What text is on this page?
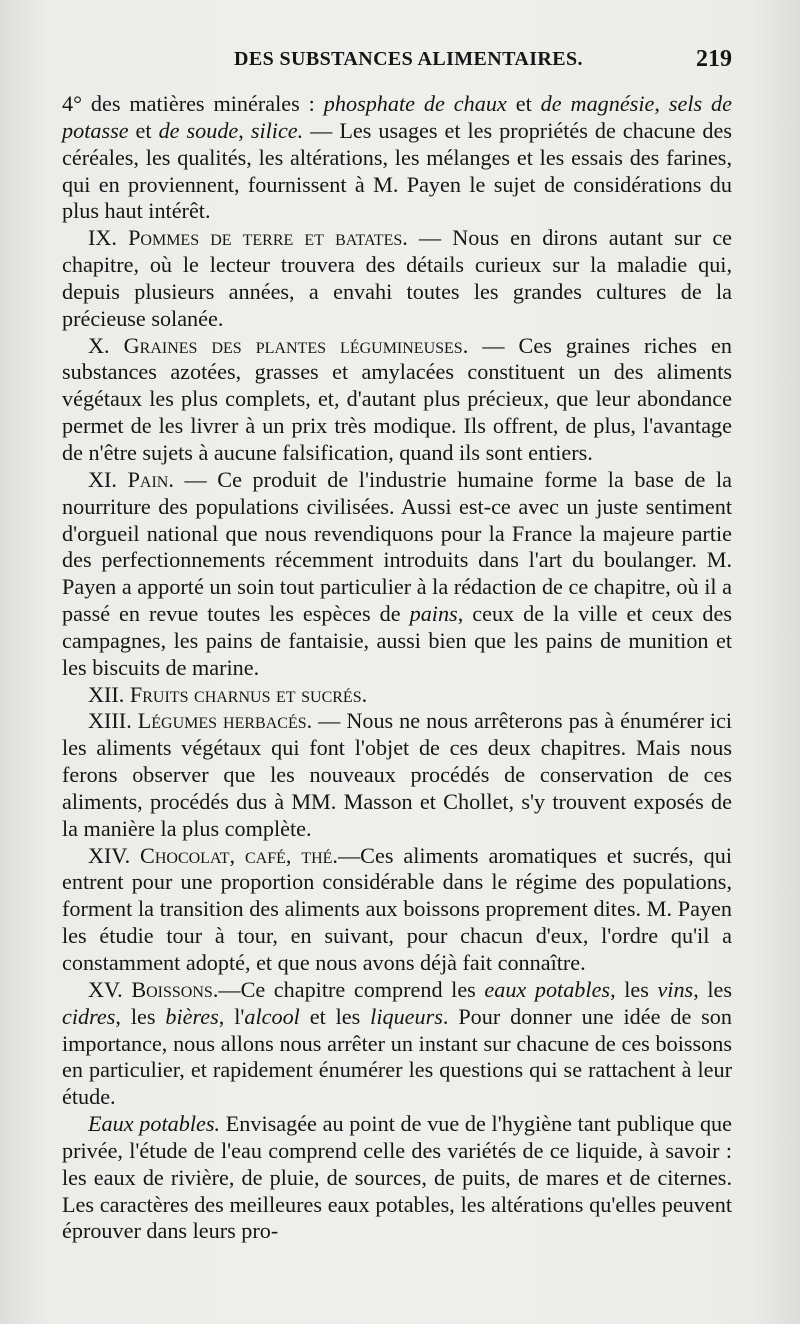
DES SUBSTANCES ALIMENTAIRES.	219

4° des matières minérales : phosphate de chaux et de magnésie, sels de potasse et de soude, silice. — Les usages et les propriétés de chacune des céréales, les qualités, les altérations, les mélanges et les essais des farines, qui en proviennent, fournissent à M. Payen le sujet de considérations du plus haut intérêt.

IX. Pommes de terre et batates. — Nous en dirons autant sur ce chapitre, où le lecteur trouvera des détails curieux sur la maladie qui, depuis plusieurs années, a envahi toutes les grandes cultures de la précieuse solanée.

X. Graines des plantes légumineuses. — Ces graines riches en substances azotées, grasses et amylacées constituent un des aliments végétaux les plus complets, et, d'autant plus précieux, que leur abondance permet de les livrer à un prix très modique. Ils offrent, de plus, l'avantage de n'être sujets à aucune falsification, quand ils sont entiers.

XI. Pain. — Ce produit de l'industrie humaine forme la base de la nourriture des populations civilisées. Aussi est-ce avec un juste sentiment d'orgueil national que nous revendiquons pour la France la majeure partie des perfectionnements récemment introduits dans l'art du boulanger. M. Payen a apporté un soin tout particulier à la rédaction de ce chapitre, où il a passé en revue toutes les espèces de pains, ceux de la ville et ceux des campagnes, les pains de fantaisie, aussi bien que les pains de munition et les biscuits de marine.

XII. Fruits charnus et sucrés.

XIII. Légumes herbacés. — Nous ne nous arrêterons pas à énumérer ici les aliments végétaux qui font l'objet de ces deux chapitres. Mais nous ferons observer que les nouveaux procédés de conservation de ces aliments, procédés dus à MM. Masson et Chollet, s'y trouvent exposés de la manière la plus complète.

XIV. Chocolat, café, thé.—Ces aliments aromatiques et sucrés, qui entrent pour une proportion considérable dans le régime des populations, forment la transition des aliments aux boissons proprement dites. M. Payen les étudie tour à tour, en suivant, pour chacun d'eux, l'ordre qu'il a constamment adopté, et que nous avons déjà fait connaître.

XV. Boissons.—Ce chapitre comprend les eaux potables, les vins, les cidres, les bières, l'alcool et les liqueurs. Pour donner une idée de son importance, nous allons nous arrêter un instant sur chacune de ces boissons en particulier, et rapidement énumérer les questions qui se rattachent à leur étude.

Eaux potables. Envisagée au point de vue de l'hygiène tant publique que privée, l'étude de l'eau comprend celle des variétés de ce liquide, à savoir : les eaux de rivière, de pluie, de sources, de puits, de mares et de citernes. Les caractères des meilleures eaux potables, les altérations qu'elles peuvent éprouver dans leurs pro-
